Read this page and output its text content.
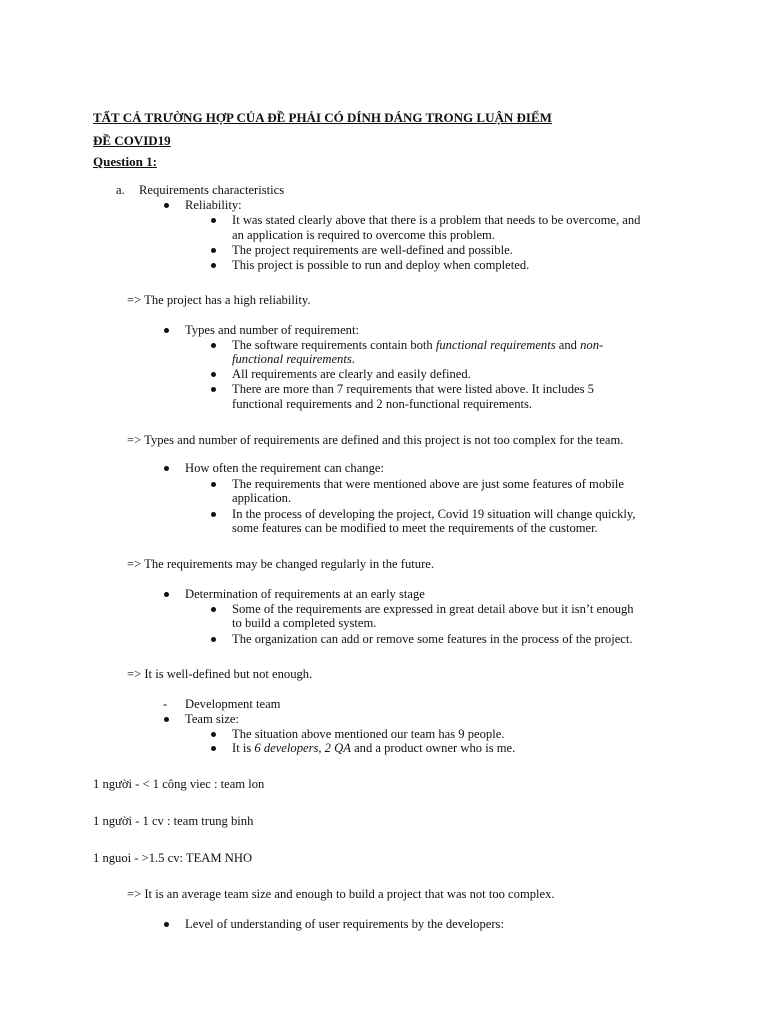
TẤT CẢ TRƯỜNG HỢP CỦA ĐỀ PHẢI CÓ DÍNH DÁNG TRONG LUẬN ĐIỂM
ĐỀ COVID19
Question 1:
a. Requirements characteristics
Reliability:
It was stated clearly above that there is a problem that needs to be overcome, and
an application is required to overcome this problem.
The project requirements are well-defined and possible.
This project is possible to run and deploy when completed.
=> The project has a high reliability.
Types and number of requirement:
The software requirements contain both functional requirements and non-
functional requirements.
All requirements are clearly and easily defined.
There are more than 7 requirements that were listed above. It includes 5
functional requirements and 2 non-functional requirements.
=> Types and number of requirements are defined and this project is not too complex for the team.
How often the requirement can change:
The requirements that were mentioned above are just some features of mobile
application.
In the process of developing the project, Covid 19 situation will change quickly,
some features can be modified to meet the requirements of the customer.
=> The requirements may be changed regularly in the future.
Determination of requirements at an early stage
Some of the requirements are expressed in great detail above but it isn’t enough
to build a completed system.
The organization can add or remove some features in the process of the project.
=> It is well-defined but not enough.
- Development team
Team size:
The situation above mentioned our team has 9 people.
It is 6 developers, 2 QA and a product owner who is me.
1 người - < 1 công viec : team lon
1 người - 1 cv : team trung binh
1 nguoi - >1.5 cv: TEAM NHO
=> It is an average team size and enough to build a project that was not too complex.
Level of understanding of user requirements by the developers:
